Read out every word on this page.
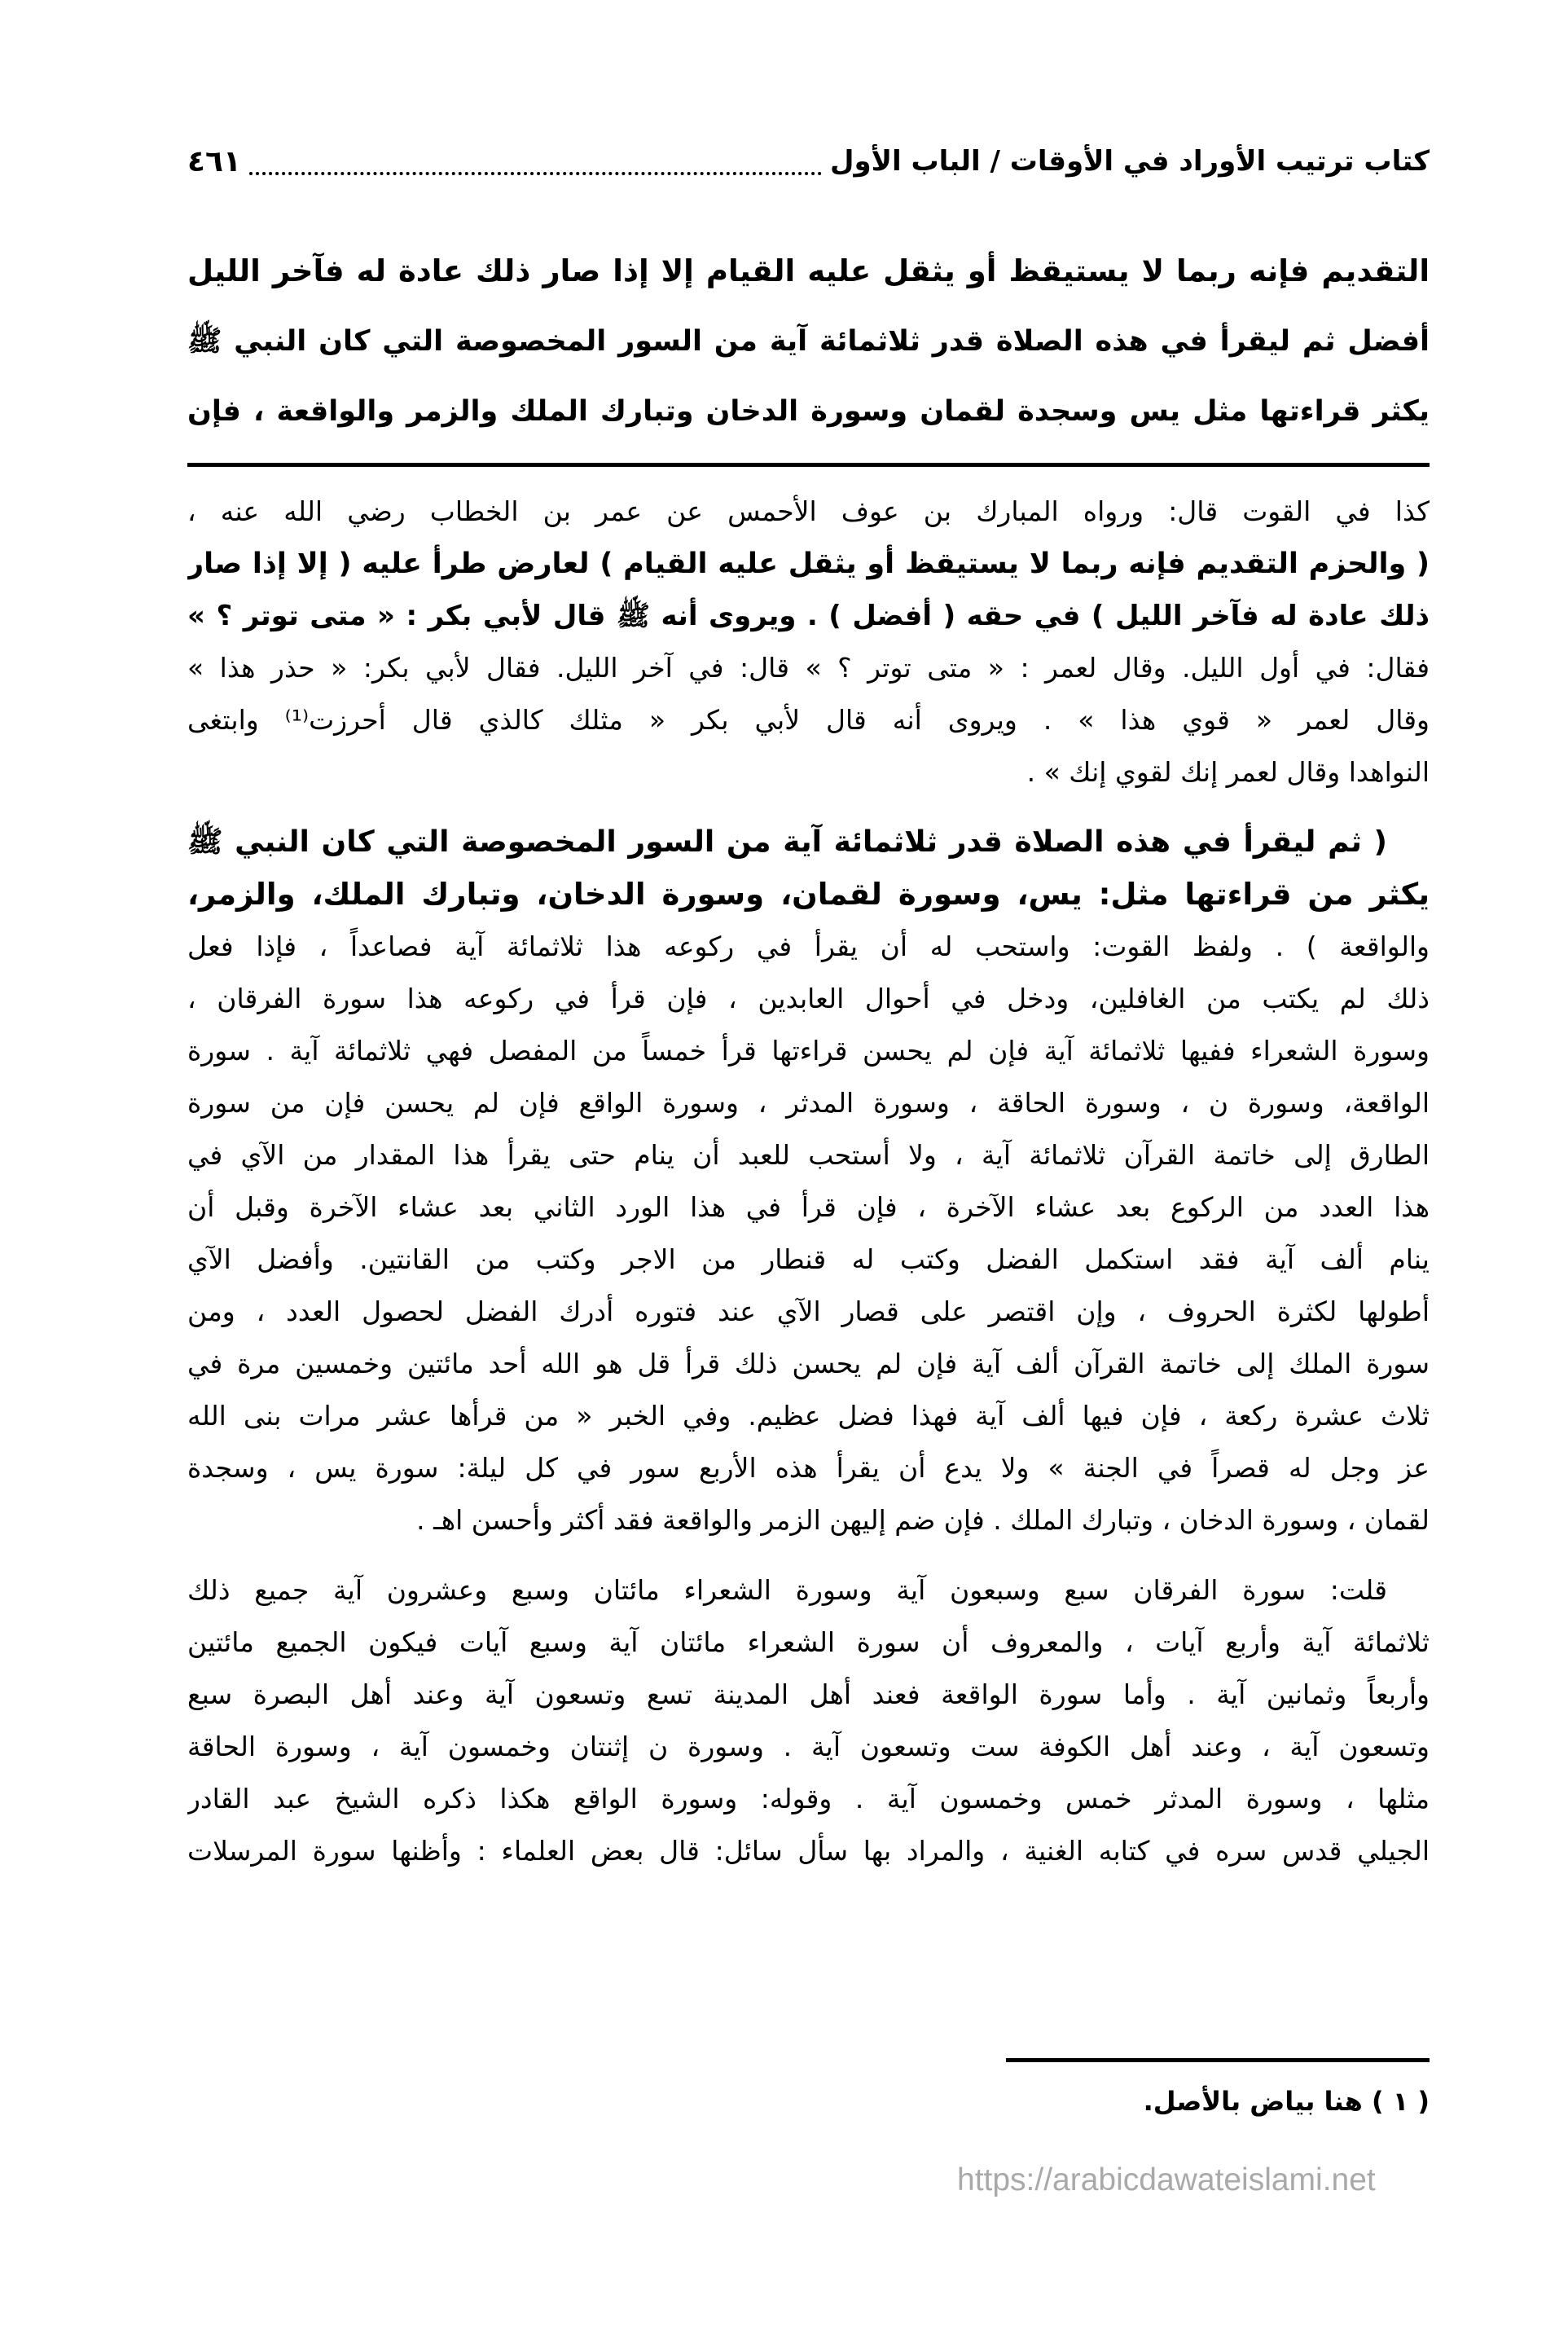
كتاب ترتيب الأوراد في الأوقات / الباب الأول
٤٦١
التقديم فإنه ربما لا يستيقظ أو يثقل عليه القيام إلا إذا صار ذلك عادة له فآخر الليل
أفضل ثم ليقرأ في هذه الصلاة قدر ثلاثمائة آية من السور المخصوصة التي كان النبي ﷺ
يكثر قراءتها مثل يس وسجدة لقمان وسورة الدخان وتبارك الملك والزمر والواقعة ، فإن
كذا في القوت قال: ورواه المبارك بن عوف الأحمس عن عمر بن الخطاب رضي الله عنه ،
( والحزم التقديم فإنه ربما لا يستيقظ أو يثقل عليه القيام ) لعارض طرأ عليه ( إلا إذا صار
ذلك عادة له فآخر الليل ) في حقه ( أفضل ) . ويروى أنه ﷺ قال لأبي بكر : « متى توتر ؟ »
فقال: في أول الليل. وقال لعمر : « متى توتر ؟ » قال: في آخر الليل. فقال لأبي بكر: « حذر هذا »
وقال لعمر « قوي هذا » . ويروى أنه قال لأبي بكر « مثلك كالذي قال أحرزت⁽¹⁾ وابتغى
النواهدا وقال لعمر إنك لقوي إنك » .
( ثم ليقرأ في هذه الصلاة قدر ثلاثمائة آية من السور المخصوصة التي كان النبي ﷺ
يكثر من قراءتها مثل: يس، وسورة لقمان، وسورة الدخان، وتبارك الملك، والزمر،
والواقعة ) . ولفظ القوت: واستحب له أن يقرأ في ركوعه هذا ثلاثمائة آية فصاعداً ، فإذا فعل
ذلك لم يكتب من الغافلين، ودخل في أحوال العابدين ، فإن قرأ في ركوعه هذا سورة الفرقان ،
وسورة الشعراء ففيها ثلاثمائة آية فإن لم يحسن قراءتها قرأ خمساً من المفصل فهي ثلاثمائة آية . سورة
الواقعة، وسورة ن ، وسورة الحاقة ، وسورة المدثر ، وسورة الواقع فإن لم يحسن فإن من سورة
الطارق إلى خاتمة القرآن ثلاثمائة آية ، ولا أستحب للعبد أن ينام حتى يقرأ هذا المقدار من الآي في
هذا العدد من الركوع بعد عشاء الآخرة ، فإن قرأ في هذا الورد الثاني بعد عشاء الآخرة وقبل أن
ينام ألف آية فقد استكمل الفضل وكتب له قنطار من الاجر وكتب من القانتين. وأفضل الآي
أطولها لكثرة الحروف ، وإن اقتصر على قصار الآي عند فتوره أدرك الفضل لحصول العدد ، ومن
سورة الملك إلى خاتمة القرآن ألف آية فإن لم يحسن ذلك قرأ قل هو الله أحد مائتين وخمسين مرة في
ثلاث عشرة ركعة ، فإن فيها ألف آية فهذا فضل عظيم. وفي الخبر « من قرأها عشر مرات بنى الله
عز وجل له قصراً في الجنة » ولا يدع أن يقرأ هذه الأربع سور في كل ليلة: سورة يس ، وسجدة
لقمان ، وسورة الدخان ، وتبارك الملك . فإن ضم إليهن الزمر والواقعة فقد أكثر وأحسن اهـ .
قلت: سورة الفرقان سبع وسبعون آية وسورة الشعراء مائتان وسبع وعشرون آية جميع ذلك
ثلاثمائة آية وأربع آيات ، والمعروف أن سورة الشعراء مائتان آية وسبع آيات فيكون الجميع مائتين
وأربعاً وثمانين آية . وأما سورة الواقعة فعند أهل المدينة تسع وتسعون آية وعند أهل البصرة سبع
وتسعون آية ، وعند أهل الكوفة ست وتسعون آية . وسورة ن إثنتان وخمسون آية ، وسورة الحاقة
مثلها ، وسورة المدثر خمس وخمسون آية . وقوله: وسورة الواقع هكذا ذكره الشيخ عبد القادر
الجيلي قدس سره في كتابه الغنية ، والمراد بها سأل سائل: قال بعض العلماء : وأظنها سورة المرسلات
( ١ ) هنا بياض بالأصل.
https://arabicdawateislami.net
